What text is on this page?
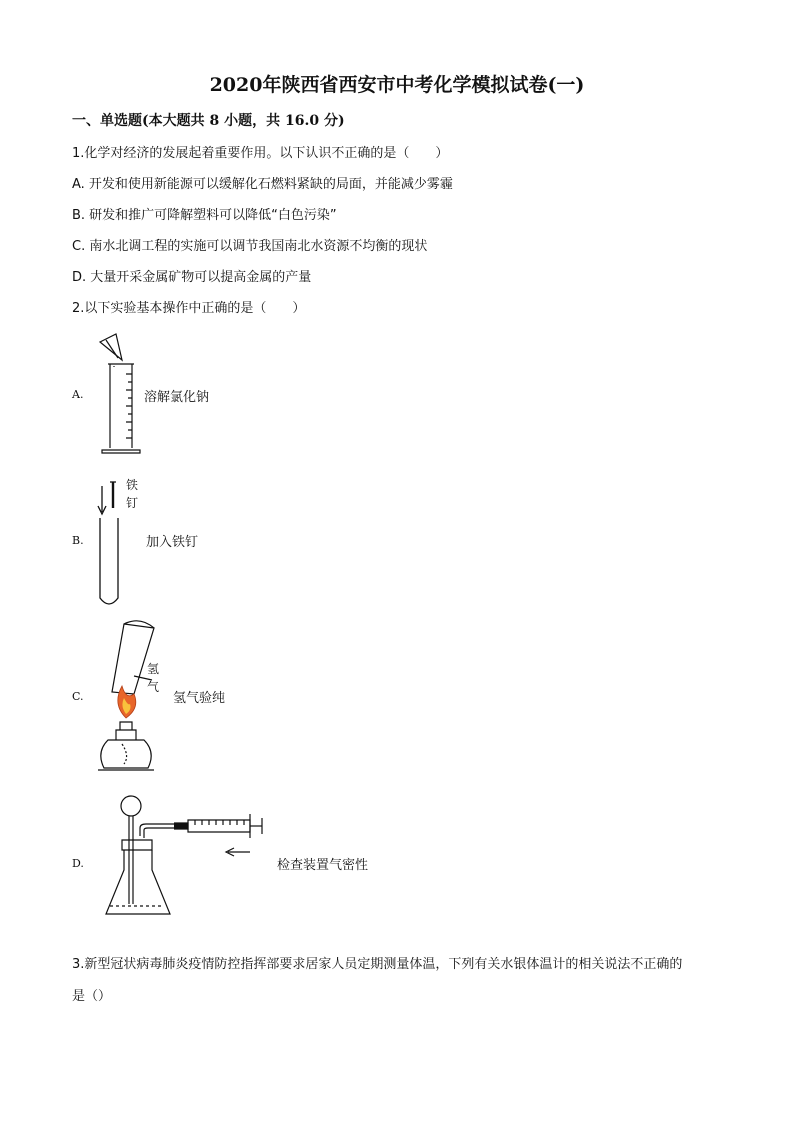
2020年陕西省西安市中考化学模拟试卷(一)
一、单选题(本大题共 8 小题，共 16.0 分)
1.化学对经济的发展起着重要作用。以下认识不正确的是（　　）
A. 开发和使用新能源可以缓解化石燃料紧缺的局面，并能减少雾霾
B. 研发和推广可降解塑料可以降低“白色污染”
C. 南水北调工程的实施可以调节我国南北水资源不均衡的现状
D. 大量开采金属矿物可以提高金属的产量
2.以下实验基本操作中正确的是（　　）
A.	溶解氯化钠
B.
铁
钉
加入铁钉
C.
氢
气
氢气验纯
D.	检查装置气密性
3.新型冠状病毒肺炎疫情防控指挥部要求居家人员定期测量体温，下列有关水银体温计的相关说法不正确的
是（）
